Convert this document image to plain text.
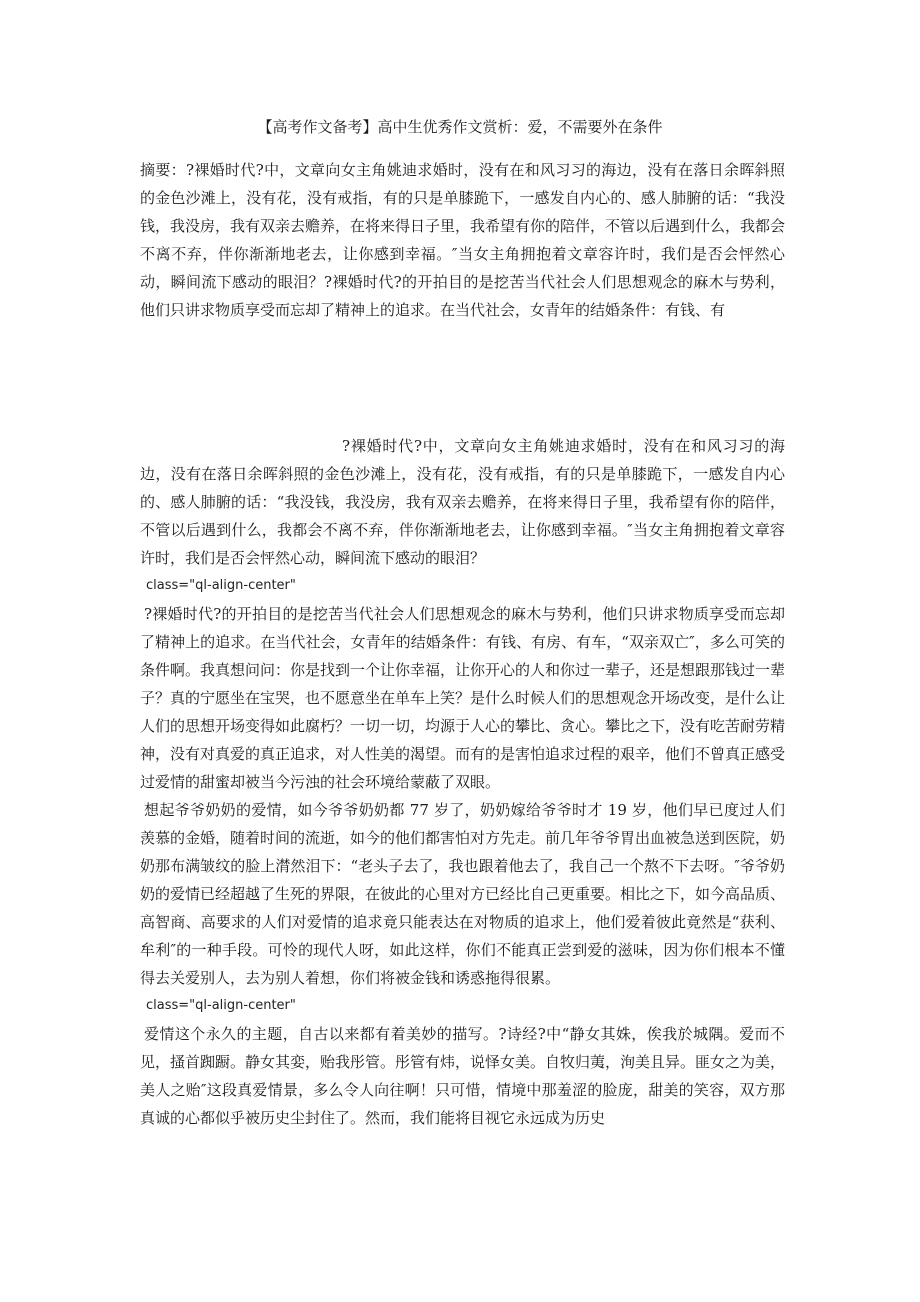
【高考作文备考】高中生优秀作文赏析：爱，不需要外在条件

摘要：?裸婚时代?中，文章向女主角姚迪求婚时，没有在和风习习的海边，没有在落日余晖斜照的金色沙滩上，没有花，没有戒指，有的只是单膝跪下，一感发自内心的、感人肺腑的话：“我没钱，我没房，我有双亲去赡养，在将来得日子里，我希望有你的陪伴，不管以后遇到什么，我都会不离不弃，伴你渐渐地老去，让你感到幸福。″当女主角拥抱着文章容许时，我们是否会怦然心动，瞬间流下感动的眼泪？?裸婚时代?的开拍目的是挖苦当代社会人们思想观念的麻木与势利，他们只讲求物质享受而忘却了精神上的追求。在当代社会，女青年的结婚条件：有钱、有

?裸婚时代?中，文章向女主角姚迪求婚时，没有在和风习习的海边，没有在落日余晖斜照的金色沙滩上，没有花，没有戒指，有的只是单膝跪下，一感发自内心的、感人肺腑的话：“我没钱，我没房，我有双亲去赡养，在将来得日子里，我希望有你的陪伴，不管以后遇到什么，我都会不离不弃，伴你渐渐地老去，让你感到幸福。″当女主角拥抱着文章容许时，我们是否会怦然心动，瞬间流下感动的眼泪？

class="ql-align-center"

?裸婚时代?的开拍目的是挖苦当代社会人们思想观念的麻木与势利，他们只讲求物质享受而忘却了精神上的追求。在当代社会，女青年的结婚条件：有钱、有房、有车，“双亲双亡″，多么可笑的条件啊。我真想问问：你是找到一个让你幸福，让你开心的人和你过一辈子，还是想跟那钱过一辈子？真的宁愿坐在宝哭，也不愿意坐在单车上笑？是什么时候人们的思想观念开场改变，是什么让人们的思想开场变得如此腐朽？一切一切，均源于人心的攀比、贪心。攀比之下，没有吃苦耐劳精神，没有对真爱的真正追求，对人性美的渴望。而有的是害怕追求过程的艰辛，他们不曾真正感受过爱情的甜蜜却被当今污浊的社会环境给蒙蔽了双眼。

想起爷爷奶奶的爱情，如今爷爷奶奶都 77 岁了，奶奶嫁给爷爷时才 19 岁，他们早已度过人们羡慕的金婚，随着时间的流逝，如今的他们都害怕对方先走。前几年爷爷胃出血被急送到医院，奶奶那布满皱纹的脸上潸然泪下：“老头子去了，我也跟着他去了，我自己一个熬不下去呀。″爷爷奶奶的爱情已经超越了生死的界限，在彼此的心里对方已经比自己更重要。相比之下，如今高品质、高智商、高要求的人们对爱情的追求竟只能表达在对物质的追求上，他们爱着彼此竟然是“获利、牟利″的一种手段。可怜的现代人呀，如此这样，你们不能真正尝到爱的滋味，因为你们根本不懂得去关爱别人，去为别人着想，你们将被金钱和诱惑拖得很累。

class="ql-align-center"

爱情这个永久的主题，自古以来都有着美妙的描写。?诗经?中“静女其姝，俟我於城隅。爱而不见，搔首踟蹰。静女其娈，贻我彤管。彤管有炜，说怿女美。自牧归荑，洵美且异。匪女之为美，美人之贻″这段真爱情景，多么令人向往啊！只可惜，情境中那羞涩的脸庞，甜美的笑容，双方那真诚的心都似乎被历史尘封住了。然而，我们能将目视它永远成为历史
